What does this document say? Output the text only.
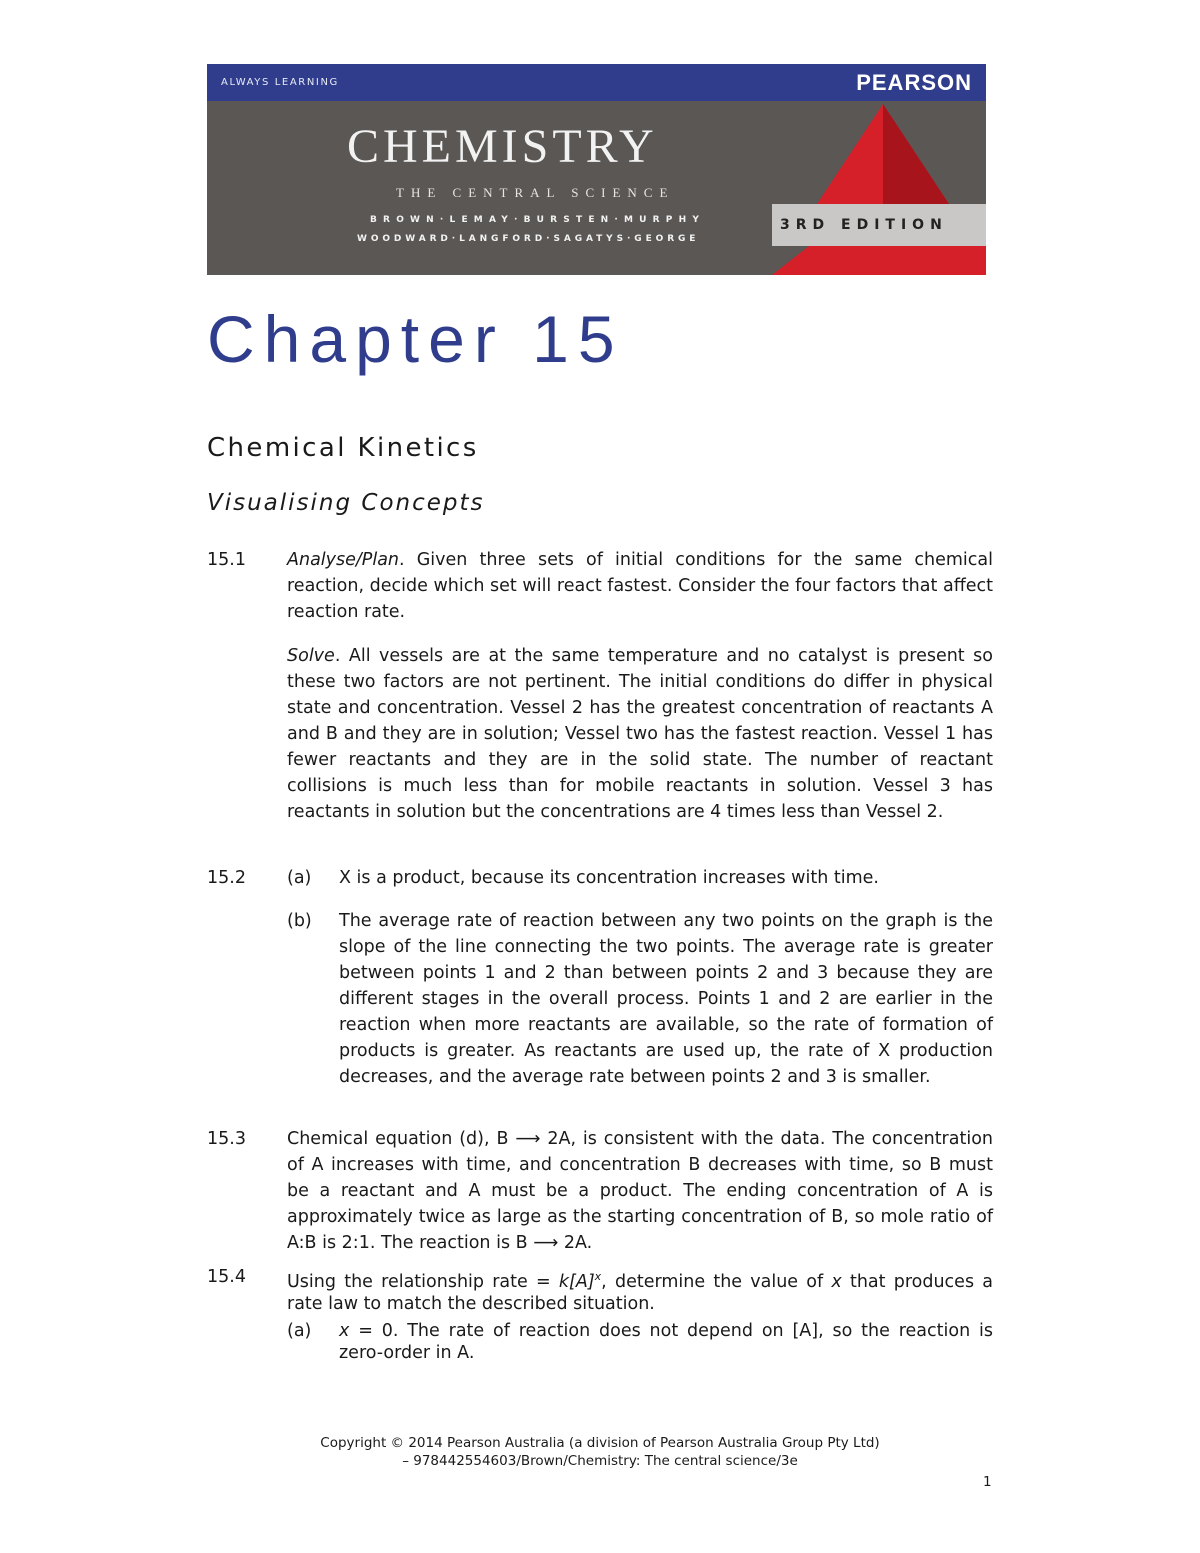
ALWAYS LEARNING	PEARSON
CHEMISTRY
THE CENTRAL SCIENCE
BROWN·LEMAY·BURSTEN·MURPHY
WOODWARD·LANGFORD·SAGATYS·GEORGE
3RD EDITION
Chapter 15
Chemical Kinetics
Visualising Concepts
15.1 Analyse/Plan. Given three sets of initial conditions for the same chemical reaction, decide which set will react fastest. Consider the four factors that affect reaction rate.

Solve. All vessels are at the same temperature and no catalyst is present so these two factors are not pertinent. The initial conditions do differ in physical state and concentration. Vessel 2 has the greatest concentration of reactants A and B and they are in solution; Vessel two has the fastest reaction. Vessel 1 has fewer reactants and they are in the solid state. The number of reactant collisions is much less than for mobile reactants in solution. Vessel 3 has reactants in solution but the concentrations are 4 times less than Vessel 2.

15.2 (a) X is a product, because its concentration increases with time.

(b) The average rate of reaction between any two points on the graph is the slope of the line connecting the two points. The average rate is greater between points 1 and 2 than between points 2 and 3 because they are different stages in the overall process. Points 1 and 2 are earlier in the reaction when more reactants are available, so the rate of formation of products is greater. As reactants are used up, the rate of X production decreases, and the average rate between points 2 and 3 is smaller.

15.3 Chemical equation (d), B ⟶ 2A, is consistent with the data. The concentration of A increases with time, and concentration B decreases with time, so B must be a reactant and A must be a product. The ending concentration of A is approximately twice as large as the starting concentration of B, so mole ratio of A:B is 2:1. The reaction is B ⟶ 2A.

15.4 Using the relationship rate = $k[A]^x$, determine the value of x that produces a rate law to match the described situation.

(a) x = 0. The rate of reaction does not depend on [A], so the reaction is zero-order in A.

Copyright © 2014 Pearson Australia (a division of Pearson Australia Group Pty Ltd)
– 9784425546​03/Brown/Chemistry: The central science/3e
1
